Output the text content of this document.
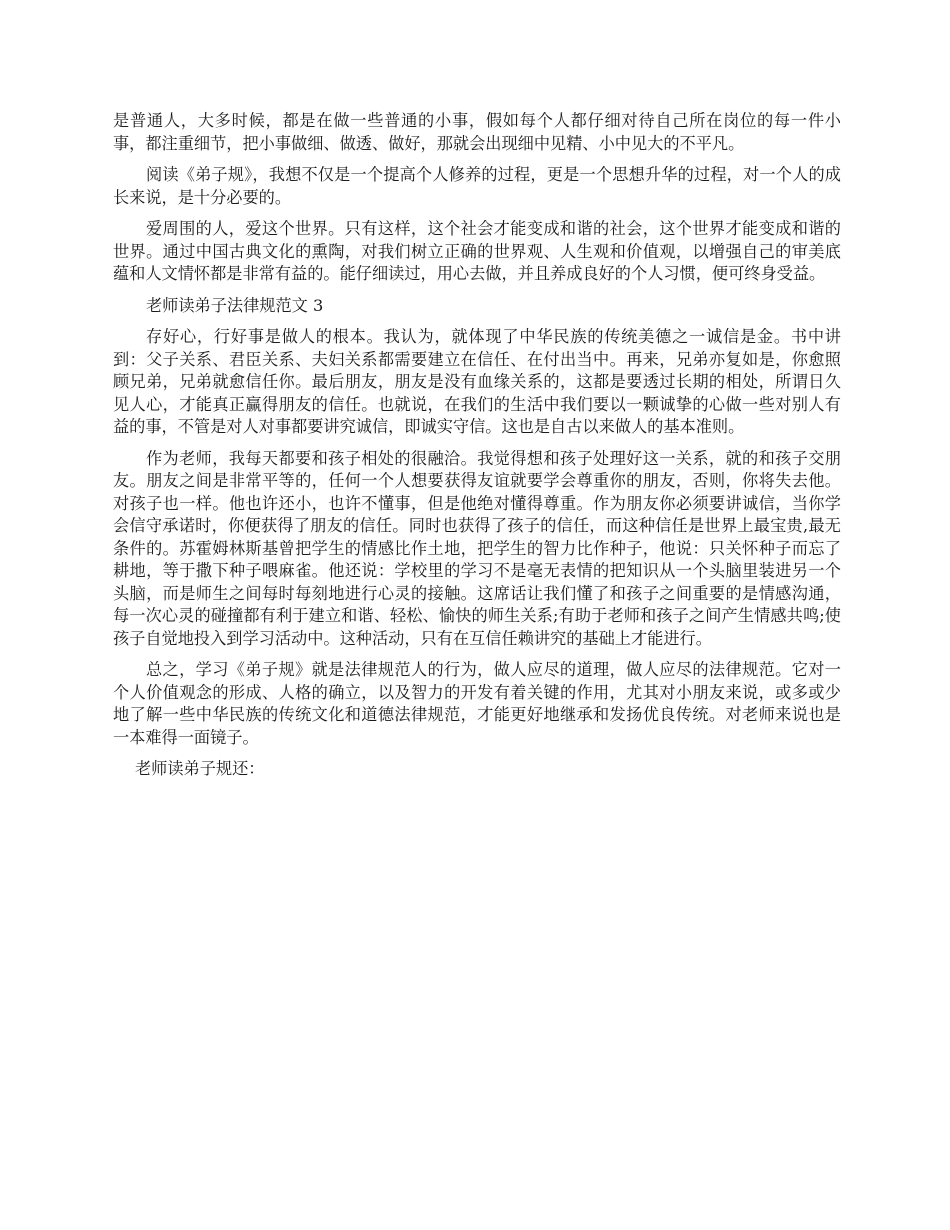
是普通人，大多时候，都是在做一些普通的小事，假如每个人都仔细对待自己所在岗位的每一件小事，都注重细节，把小事做细、做透、做好，那就会出现细中见精、小中见大的不平凡。

阅读《弟子规》，我想不仅是一个提高个人修养的过程，更是一个思想升华的过程，对一个人的成长来说，是十分必要的。

爱周围的人，爱这个世界。只有这样，这个社会才能变成和谐的社会，这个世界才能变成和谐的世界。通过中国古典文化的熏陶，对我们树立正确的世界观、人生观和价值观，以增强自己的审美底蕴和人文情怀都是非常有益的。能仔细读过，用心去做，并且养成良好的个人习惯，便可终身受益。

老师读弟子法律规范文 3

存好心，行好事是做人的根本。我认为，就体现了中华民族的传统美德之一诚信是金。书中讲到：父子关系、君臣关系、夫妇关系都需要建立在信任、在付出当中。再来，兄弟亦复如是，你愈照顾兄弟，兄弟就愈信任你。最后朋友，朋友是没有血缘关系的，这都是要透过长期的相处，所谓日久见人心，才能真正赢得朋友的信任。也就说，在我们的生活中我们要以一颗诚挚的心做一些对别人有益的事，不管是对人对事都要讲究诚信，即诚实守信。这也是自古以来做人的基本准则。

作为老师，我每天都要和孩子相处的很融洽。我觉得想和孩子处理好这一关系，就的和孩子交朋友。朋友之间是非常平等的，任何一个人想要获得友谊就要学会尊重你的朋友，否则，你将失去他。对孩子也一样。他也许还小，也许不懂事，但是他绝对懂得尊重。作为朋友你必须要讲诚信，当你学会信守承诺时，你便获得了朋友的信任。同时也获得了孩子的信任，而这种信任是世界上最宝贵,最无条件的。苏霍姆林斯基曾把学生的情感比作土地，把学生的智力比作种子，他说：只关怀种子而忘了耕地，等于撒下种子喂麻雀。他还说：学校里的学习不是毫无表情的把知识从一个头脑里装进另一个头脑，而是师生之间每时每刻地进行心灵的接触。这席话让我们懂了和孩子之间重要的是情感沟通，每一次心灵的碰撞都有利于建立和谐、轻松、愉快的师生关系;有助于老师和孩子之间产生情感共鸣;使孩子自觉地投入到学习活动中。这种活动，只有在互信任赖讲究的基础上才能进行。

总之，学习《弟子规》就是法律规范人的行为，做人应尽的道理，做人应尽的法律规范。它对一个人价值观念的形成、人格的确立，以及智力的开发有着关键的作用，尤其对小朋友来说，或多或少地了解一些中华民族的传统文化和道德法律规范，才能更好地继承和发扬优良传统。对老师来说也是一本难得一面镜子。

老师读弟子规还：
